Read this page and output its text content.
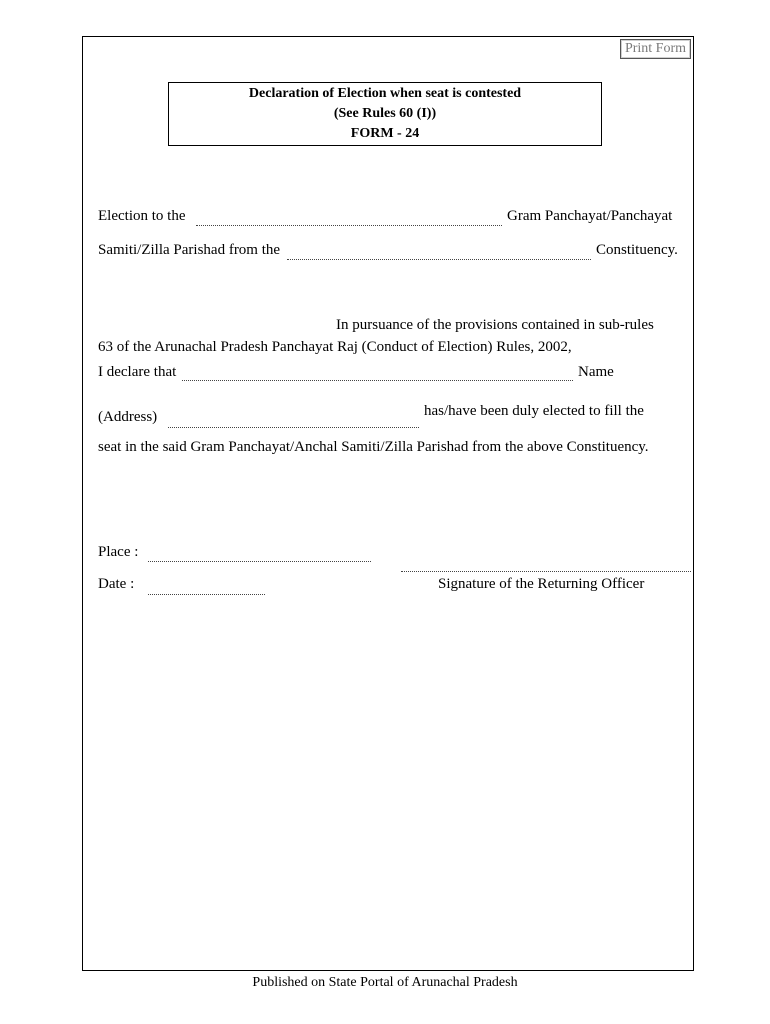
Print Form
Declaration of Election when seat is contested
(See Rules 60 (I))
FORM - 24
Election to the	Gram Panchayat/Panchayat
Samiti/Zilla Parishad from the	Constituency.
In pursuance of the provisions contained in sub-rules
63 of the Arunachal Pradesh Panchayat Raj (Conduct of Election) Rules, 2002,
I declare that	Name
(Address)	has/have been duly elected to fill the
seat in the said Gram Panchayat/Anchal Samiti/Zilla Parishad from the above Constituency.
Place :
Date :	Signature of the Returning Officer
Published on State Portal of Arunachal Pradesh
